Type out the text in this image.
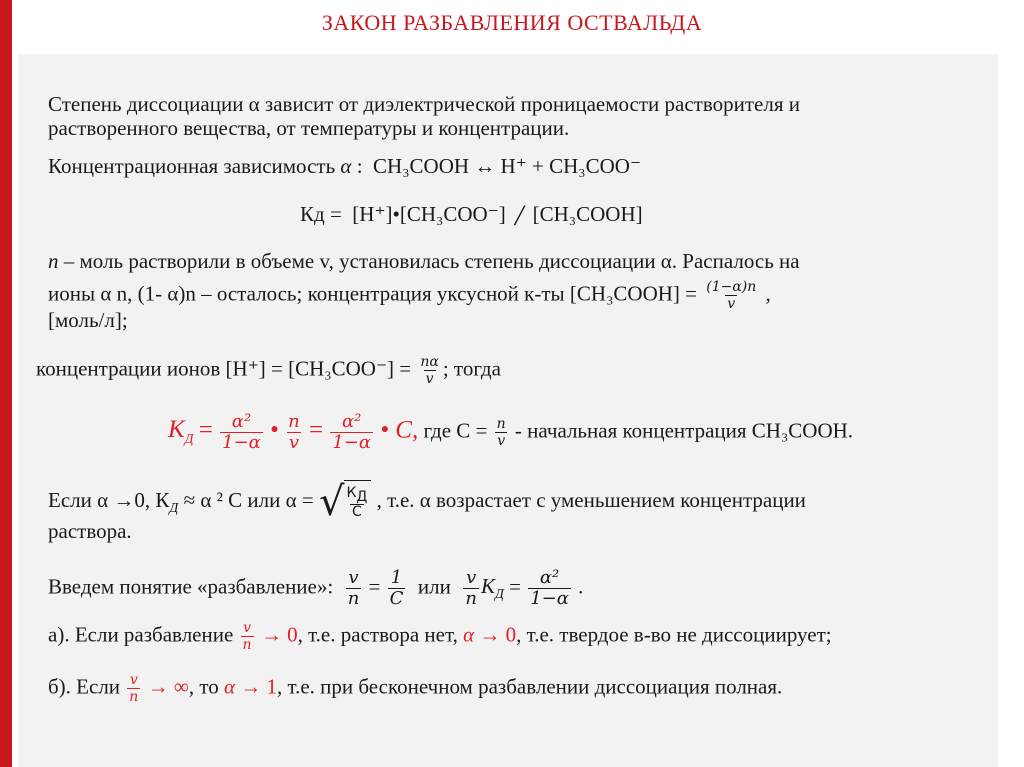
ЗАКОН РАЗБАВЛЕНИЯ ОСТВАЛЬДА
Степень диссоциации α зависит от диэлектрической проницаемости растворителя и
растворенного вещества, от температуры и концентрации.
Концентрационная зависимость α : CH₃COOH ↔ H⁺ + CH₃COO⁻
Кд = [H⁺]•[CH₃COO⁻] / [CH₃COOH]
n – моль растворили в объеме v, установилась степень диссоциации α. Распалось на
ионы α n, (1- α)n – осталось; концентрация уксусной к-ты [CH₃COOH] = $\frac{(1-\alpha)n}{v}$ ,
[моль/л];
концентрации ионов $[H^+] = [CH_3COO^-] = \frac{n\alpha}{v}$ ; тогда
$К_Д = \frac{\text{α²}}{1-\alpha}$ • $\frac{n}{v} = \frac{\text{α²}}{1-\alpha}$ • C, где $C = \frac{n}{v}$ - начальная концентрация CH₃COOH.
Если α →0, $К_Д \approx \alpha$ ² C или α = √ $\frac{К_Д}{C}$ , т.е. α возрастает с уменьшением концентрации
раствора.
Введем понятие «разбавление»: $\frac{v}{n} = \frac{1}{C}$ или $\frac{v}{n} К_Д = \frac{\text{α²}}{1-\alpha}$ .
а). Если разбавление $\frac{v}{n} \to 0$, т.е. раствора нет, α → 0, т.е. твердое в-во не диссоциирует;
б). Если $\frac{v}{n}$ → ∞, то α → 1, т.е. при бесконечном разбавлении диссоциация полная.
